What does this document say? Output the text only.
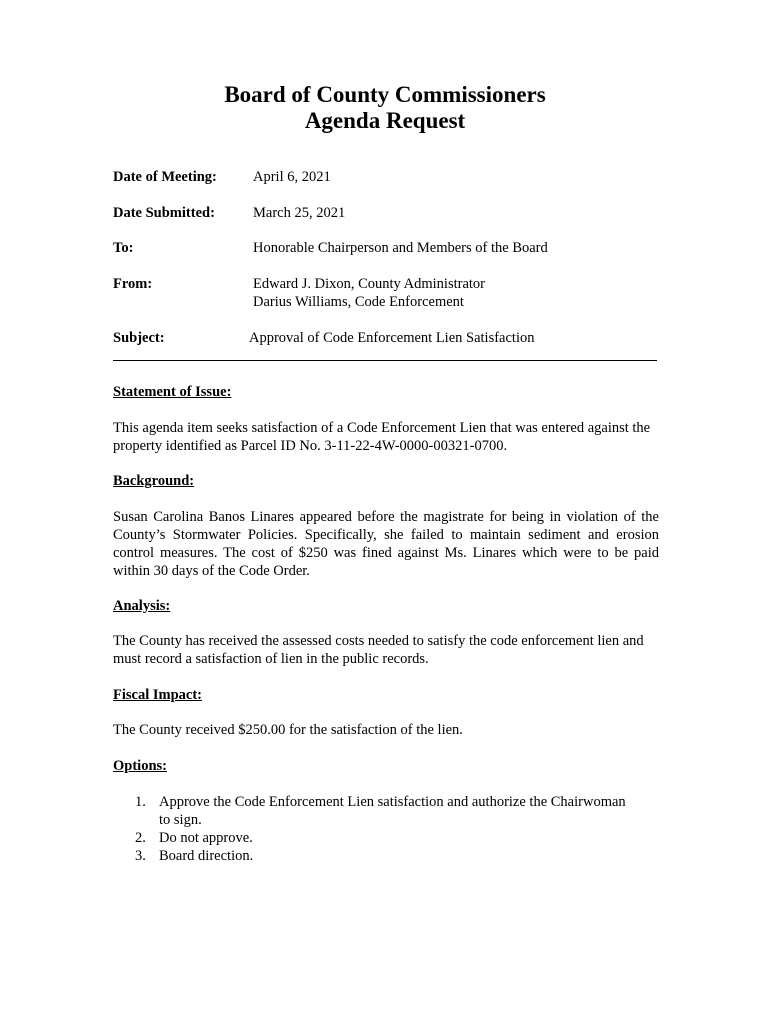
Board of County Commissioners
Agenda Request
Date of Meeting: April 6, 2021
Date Submitted:	March 25, 2021
To:	Honorable Chairperson and Members of the Board
From:	Edward J. Dixon, County Administrator
Darius Williams, Code Enforcement
Subject:	Approval of Code Enforcement Lien Satisfaction
Statement of Issue:
This agenda item seeks satisfaction of a Code Enforcement Lien that was entered against the property identified as Parcel ID No. 3-11-22-4W-0000-00321-0700.
Background:
Susan Carolina Banos Linares appeared before the magistrate for being in violation of the County’s Stormwater Policies. Specifically, she failed to maintain sediment and erosion control measures. The cost of $250 was fined against Ms. Linares which were to be paid within 30 days of the Code Order.
Analysis:
The County has received the assessed costs needed to satisfy the code enforcement lien and must record a satisfaction of lien in the public records.
Fiscal Impact:
The County received $250.00 for the satisfaction of the lien.
Options:
1. Approve the Code Enforcement Lien satisfaction and authorize the Chairwoman to sign.
2. Do not approve.
3. Board direction.
